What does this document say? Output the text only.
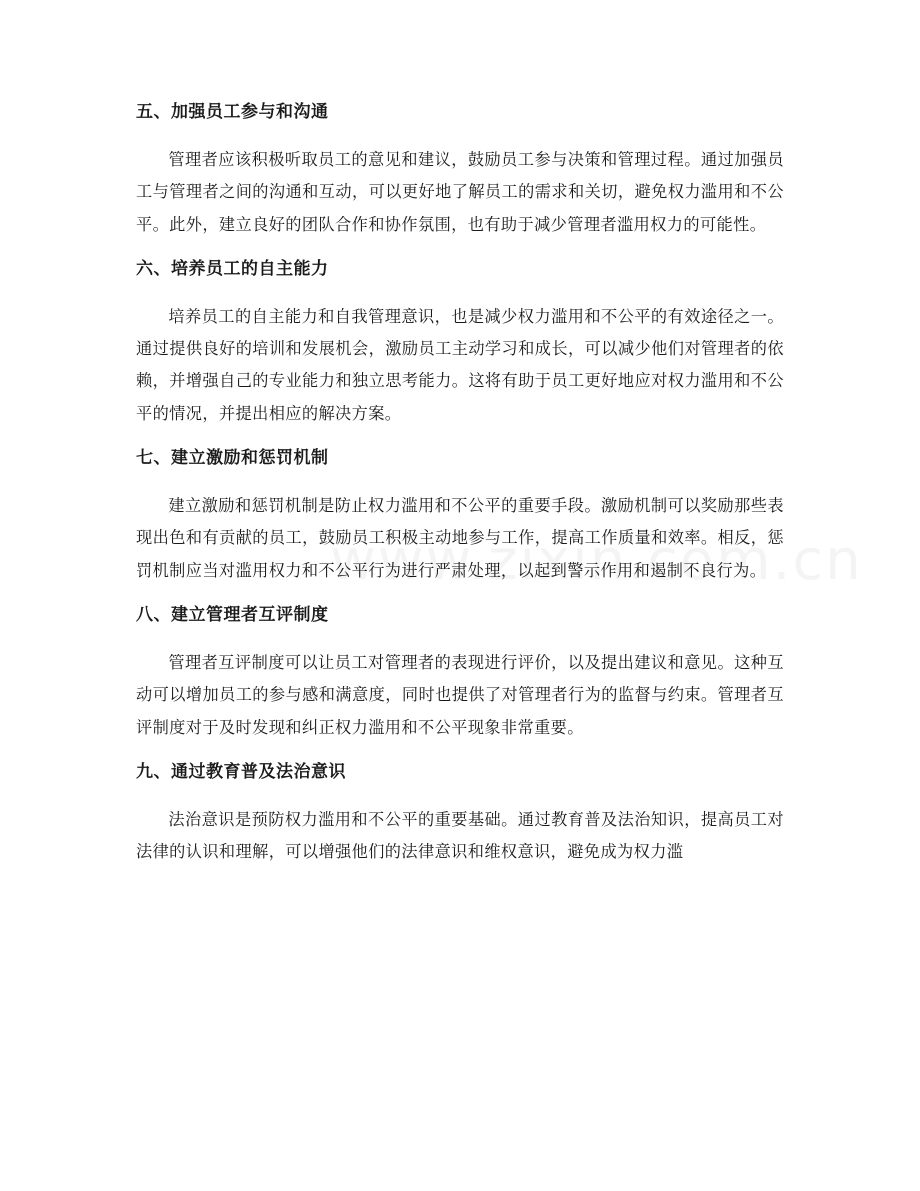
五、加强员工参与和沟通
管理者应该积极听取员工的意见和建议，鼓励员工参与决策和管理过程。通过加强员工与管理者之间的沟通和互动，可以更好地了解员工的需求和关切，避免权力滥用和不公平。此外，建立良好的团队合作和协作氛围，也有助于减少管理者滥用权力的可能性。
六、培养员工的自主能力
培养员工的自主能力和自我管理意识，也是减少权力滥用和不公平的有效途径之一。通过提供良好的培训和发展机会，激励员工主动学习和成长，可以减少他们对管理者的依赖，并增强自己的专业能力和独立思考能力。这将有助于员工更好地应对权力滥用和不公平的情况，并提出相应的解决方案。
七、建立激励和惩罚机制
建立激励和惩罚机制是防止权力滥用和不公平的重要手段。激励机制可以奖励那些表现出色和有贡献的员工，鼓励员工积极主动地参与工作，提高工作质量和效率。相反，惩罚机制应当对滥用权力和不公平行为进行严肃处理，以起到警示作用和遏制不良行为。
八、建立管理者互评制度
管理者互评制度可以让员工对管理者的表现进行评价，以及提出建议和意见。这种互动可以增加员工的参与感和满意度，同时也提供了对管理者行为的监督与约束。管理者互评制度对于及时发现和纠正权力滥用和不公平现象非常重要。
九、通过教育普及法治意识
法治意识是预防权力滥用和不公平的重要基础。通过教育普及法治知识，提高员工对法律的认识和理解，可以增强他们的法律意识和维权意识，避免成为权力滥
